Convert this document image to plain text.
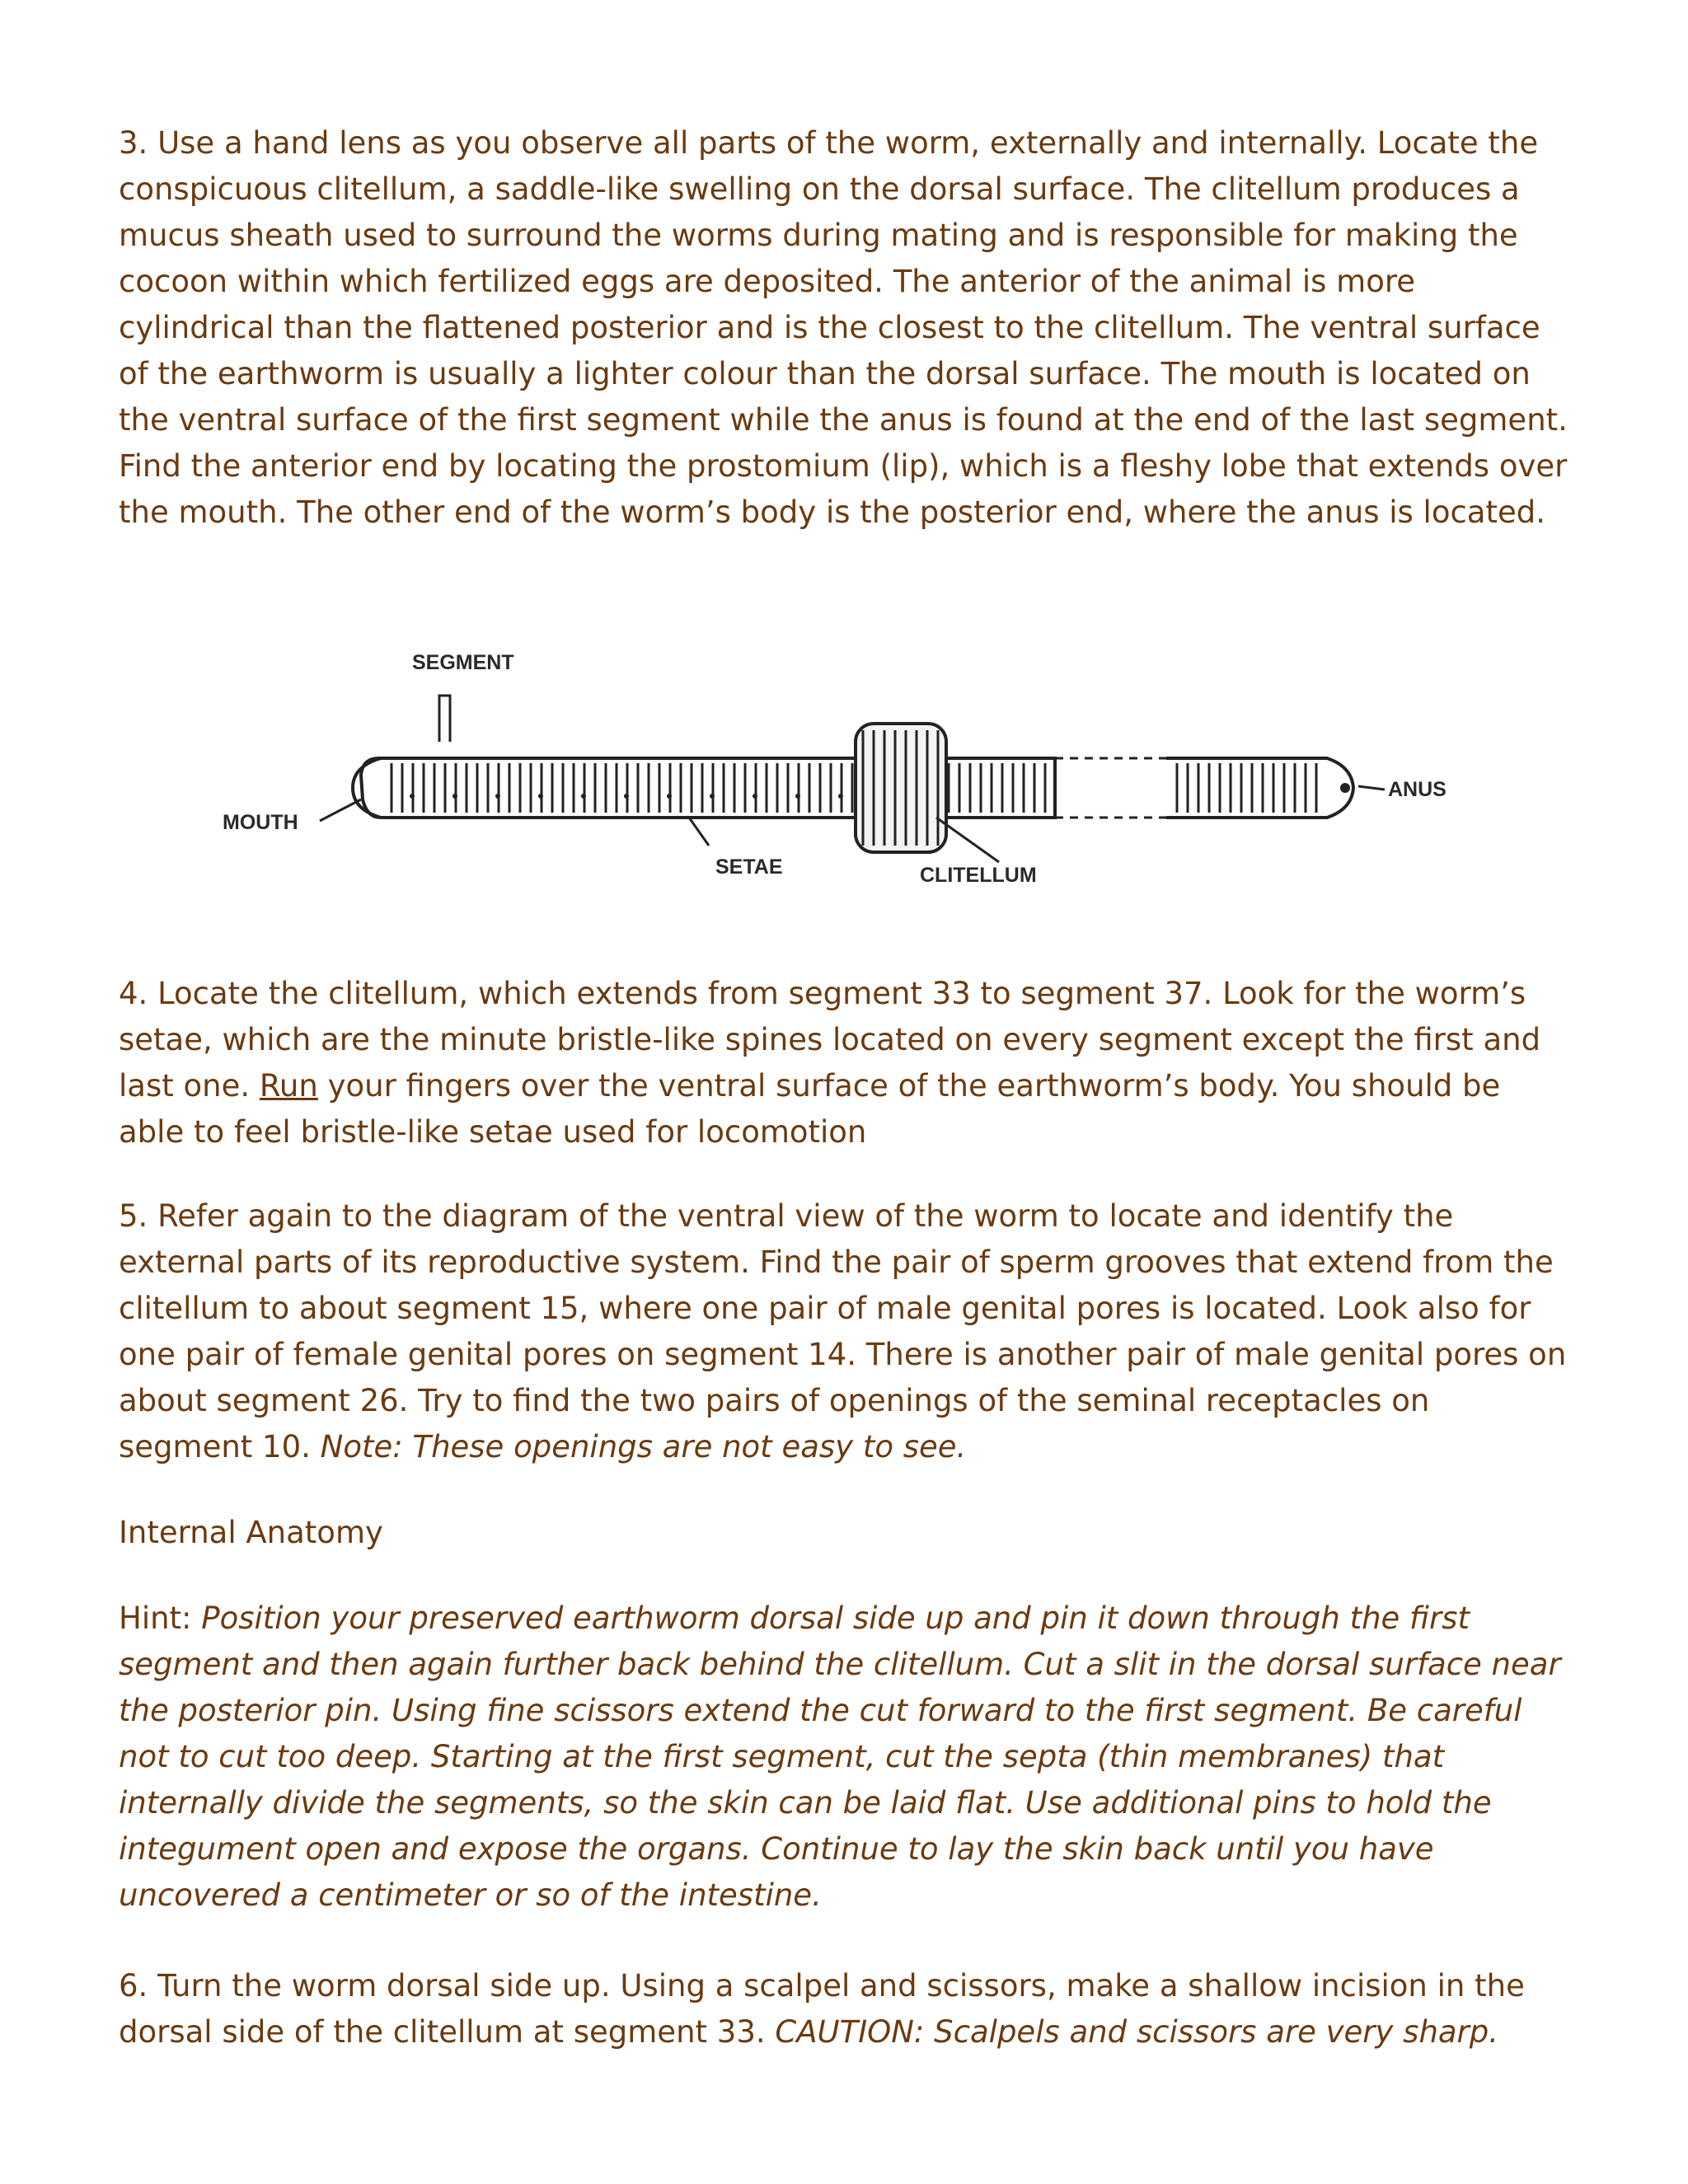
3. Use a hand lens as you observe all parts of the worm, externally and internally. Locate the conspicuous clitellum, a saddle-like swelling on the dorsal surface. The clitellum produces a mucus sheath used to surround the worms during mating and is responsible for making the cocoon within which fertilized eggs are deposited. The anterior of the animal is more cylindrical than the flattened posterior and is the closest to the clitellum. The ventral surface of the earthworm is usually a lighter colour than the dorsal surface. The mouth is located on the ventral surface of the first segment while the anus is found at the end of the last segment. Find the anterior end by locating the prostomium (lip), which is a fleshy lobe that extends over the mouth. The other end of the worm’s body is the posterior end, where the anus is located.

SEGMENT
MOUTH
SETAE	CLITELLUM
ANUS

4. Locate the clitellum, which extends from segment 33 to segment 37. Look for the worm’s setae, which are the minute bristle-like spines located on every segment except the first and last one. Run your fingers over the ventral surface of the earthworm’s body. You should be able to feel bristle-like setae used for locomotion

5. Refer again to the diagram of the ventral view of the worm to locate and identify the external parts of its reproductive system. Find the pair of sperm grooves that extend from the clitellum to about segment 15, where one pair of male genital pores is located. Look also for one pair of female genital pores on segment 14. There is another pair of male genital pores on about segment 26. Try to find the two pairs of openings of the seminal receptacles on segment 10. Note: These openings are not easy to see.

Internal Anatomy

Hint: Position your preserved earthworm dorsal side up and pin it down through the first segment and then again further back behind the clitellum. Cut a slit in the dorsal surface near the posterior pin. Using fine scissors extend the cut forward to the first segment. Be careful not to cut too deep. Starting at the first segment, cut the septa (thin membranes) that internally divide the segments, so the skin can be laid flat. Use additional pins to hold the integument open and expose the organs. Continue to lay the skin back until you have uncovered a centimeter or so of the intestine.

6. Turn the worm dorsal side up. Using a scalpel and scissors, make a shallow incision in the dorsal side of the clitellum at segment 33. CAUTION: Scalpels and scissors are very sharp.
